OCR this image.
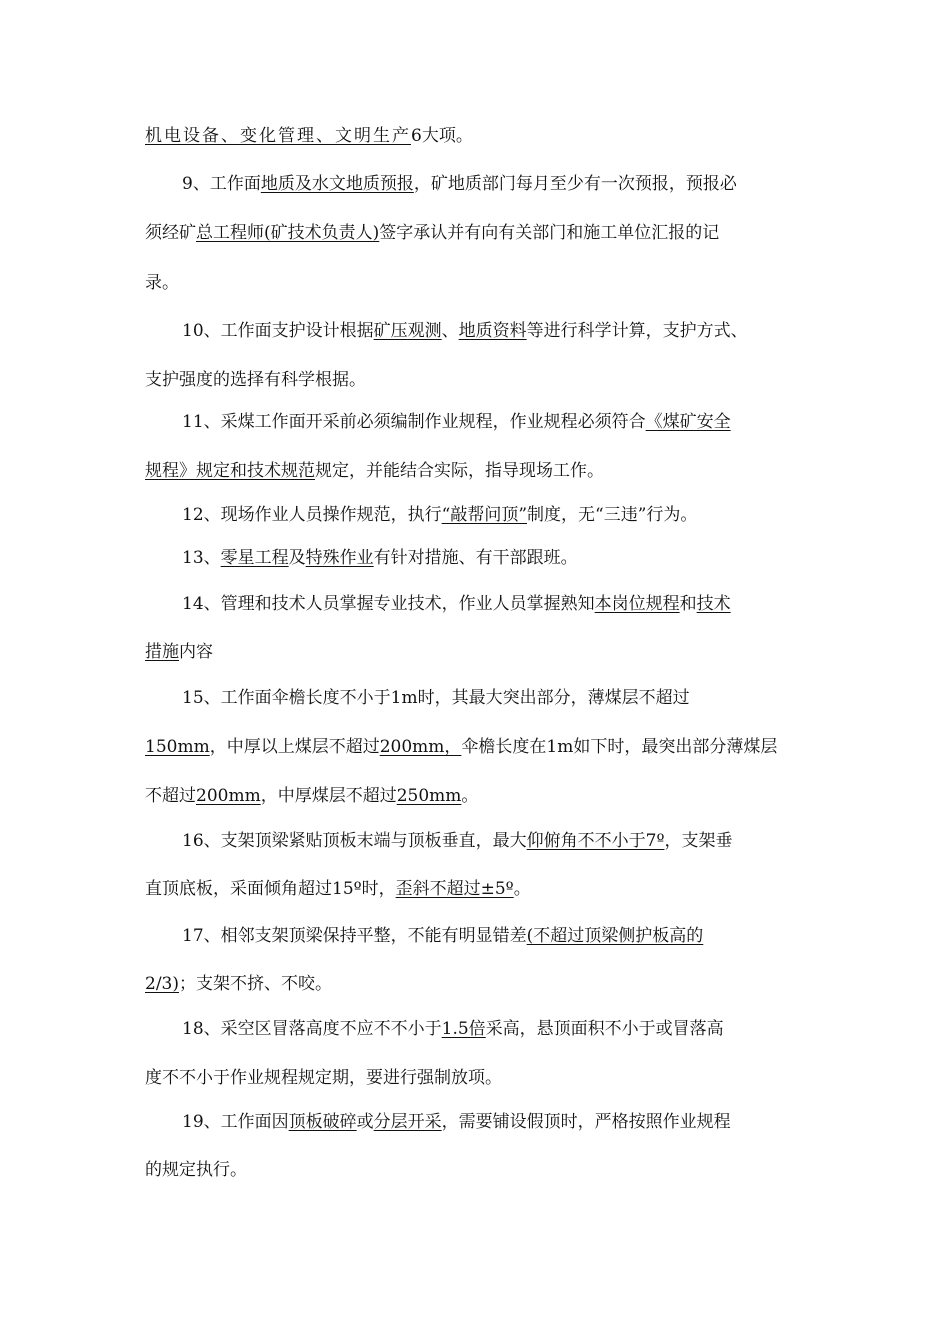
机电设备、变化管理、文明生产6大项。
9、工作面地质及水文地质预报，矿地质部门每月至少有一次预报，预报必
须经矿总工程师(矿技术负责人)签字承认并有向有关部门和施工单位汇报的记
录。
10、工作面支护设计根据矿压观测、地质资料等进行科学计算，支护方式、
支护强度的选择有科学根据。
11、采煤工作面开采前必须编制作业规程，作业规程必须符合《煤矿安全
规程》规定和技术规范规定，并能结合实际，指导现场工作。
12、现场作业人员操作规范，执行“敲帮问顶”制度，无“三违”行为。
13、零星工程及特殊作业有针对措施、有干部跟班。
14、管理和技术人员掌握专业技术，作业人员掌握熟知本岗位规程和技术
措施内容
15、工作面伞檐长度不小于1m时，其最大突出部分，薄煤层不超过
150mm，中厚以上煤层不超过200mm，伞檐长度在1m如下时，最突出部分薄煤层
不超过200mm，中厚煤层不超过250mm。
16、支架顶梁紧贴顶板末端与顶板垂直，最大仰俯角不不小于7º，支架垂
直顶底板，采面倾角超过15º时，歪斜不超过±5º。
17、相邻支架顶梁保持平整，不能有明显错差(不超过顶梁侧护板高的
2/3)；支架不挤、不咬。
18、采空区冒落高度不应不不小于1.5倍采高，悬顶面积不小于或冒落高
度不不小于作业规程规定期，要进行强制放项。
19、工作面因顶板破碎或分层开采，需要铺设假顶时，严格按照作业规程
的规定执行。
